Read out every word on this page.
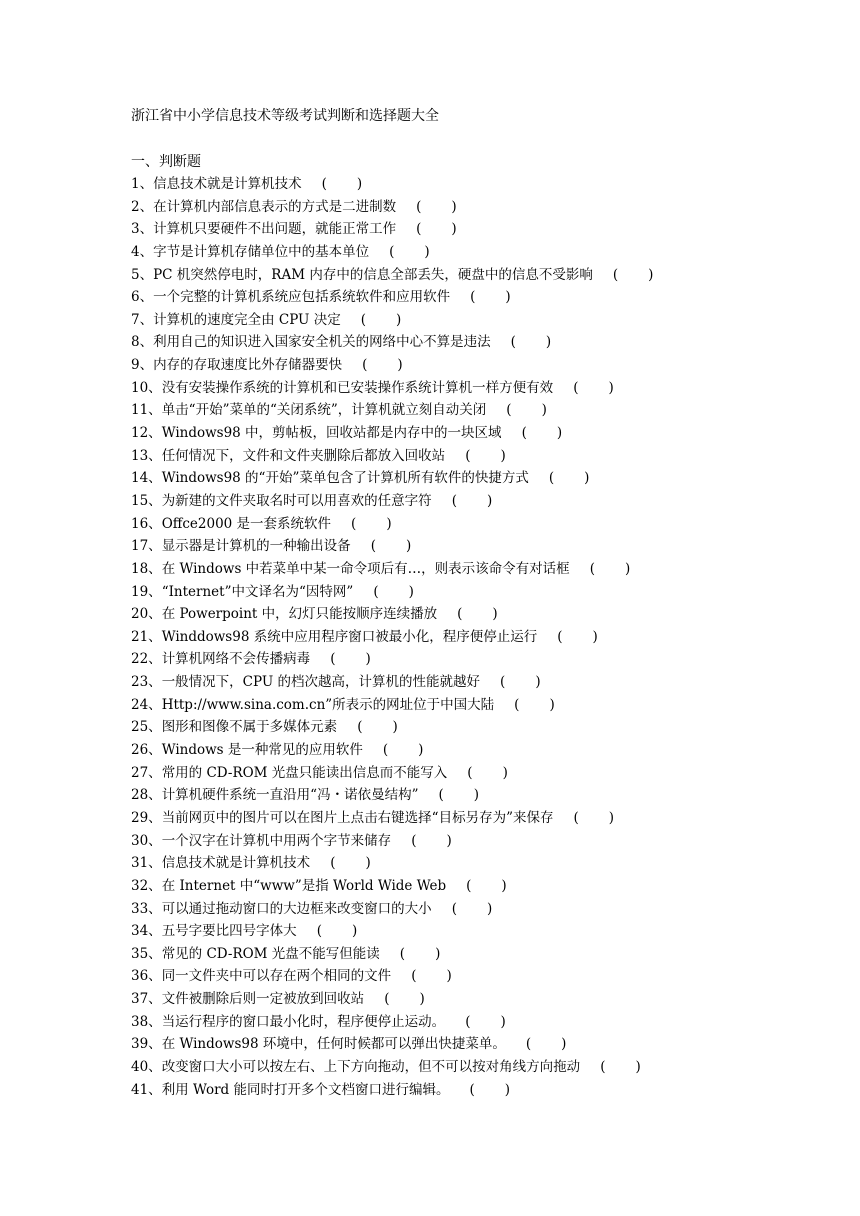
浙江省中小学信息技术等级考试判断和选择题大全
一、判断题
1、信息技术就是计算机技术 ( )
2、在计算机内部信息表示的方式是二进制数 ( )
3、计算机只要硬件不出问题，就能正常工作 ( )
4、字节是计算机存储单位中的基本单位 ( )
5、PC 机突然停电时，RAM 内存中的信息全部丢失，硬盘中的信息不受影响 ( )
6、一个完整的计算机系统应包括系统软件和应用软件 ( )
7、计算机的速度完全由 CPU 决定 ( )
8、利用自己的知识进入国家安全机关的网络中心不算是违法 ( )
9、内存的存取速度比外存储器要快 ( )
10、没有安装操作系统的计算机和已安装操作系统计算机一样方便有效 ( )
11、单击“开始”菜单的“关闭系统”，计算机就立刻自动关闭 ( )
12、Windows98 中，剪帖板，回收站都是内存中的一块区域 ( )
13、任何情况下，文件和文件夹删除后都放入回收站 ( )
14、Windows98 的“开始”菜单包含了计算机所有软件的快捷方式 ( )
15、为新建的文件夹取名时可以用喜欢的任意字符 ( )
16、Offce2000 是一套系统软件 ( )
17、显示器是计算机的一种输出设备 ( )
18、在 Windows 中若菜单中某一命令项后有…，则表示该命令有对话框 ( )
19、“Internet”中文译名为“因特网” ( )
20、在 Powerpoint 中，幻灯只能按顺序连续播放 ( )
21、Winddows98 系统中应用程序窗口被最小化，程序便停止运行 ( )
22、计算机网络不会传播病毒 ( )
23、一般情况下，CPU 的档次越高，计算机的性能就越好 ( )
24、Http://www.sina.com.cn”所表示的网址位于中国大陆 ( )
25、图形和图像不属于多媒体元素 ( )
26、Windows 是一种常见的应用软件 ( )
27、常用的 CD-ROM 光盘只能读出信息而不能写入 ( )
28、计算机硬件系统一直沿用“冯・诺依曼结构” ( )
29、当前网页中的图片可以在图片上点击右键选择“目标另存为”来保存 ( )
30、一个汉字在计算机中用两个字节来储存 ( )
31、信息技术就是计算机技术 ( )
32、在 Internet 中“www”是指 World Wide Web ( )
33、可以通过拖动窗口的大边框来改变窗口的大小 ( )
34、五号字要比四号字体大 ( )
35、常见的 CD-ROM 光盘不能写但能读 ( )
36、同一文件夹中可以存在两个相同的文件 ( )
37、文件被删除后则一定被放到回收站 ( )
38、当运行程序的窗口最小化时，程序便停止运动。 ( )
39、在 Windows98 环境中，任何时候都可以弹出快捷菜单。 ( )
40、改变窗口大小可以按左右、上下方向拖动，但不可以按对角线方向拖动 ( )
41、利用 Word 能同时打开多个文档窗口进行编辑。 ( )
